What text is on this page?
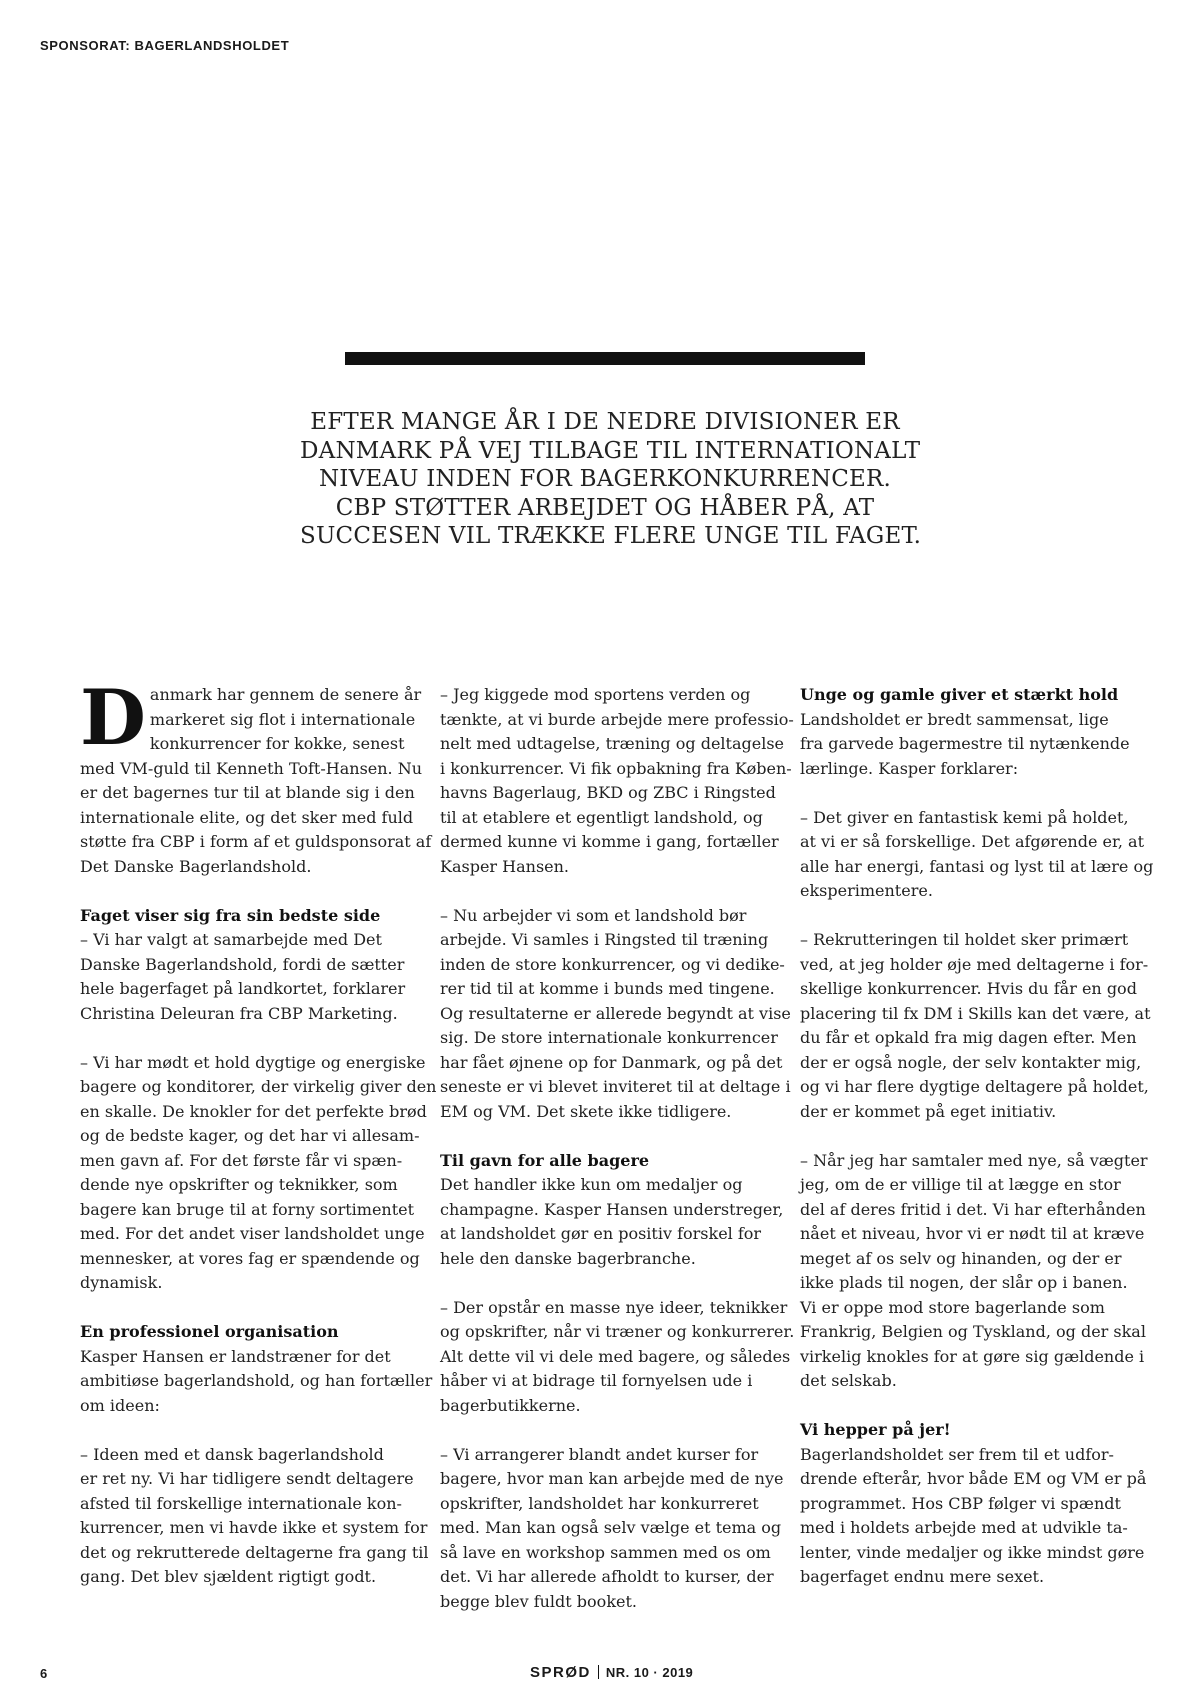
SPONSORAT: BAGERLANDSHOLDET
EFTER MANGE ÅR I DE NEDRE DIVISIONER ER
DANMARK PÅ VEJ TILBAGE TIL INTERNATIONALT
NIVEAU INDEN FOR BAGERKONKURRENCER.
CBP STØTTER ARBEJDET OG HÅBER PÅ, AT
SUCCESEN VIL TRÆKKE FLERE UNGE TIL FAGET.
D anmark har gennem de senere år
markeret sig flot i internationale
konkurrencer for kokke, senest
med VM-guld til Kenneth Toft-Hansen. Nu
er det bagernes tur til at blande sig i den
internationale elite, og det sker med fuld
støtte fra CBP i form af et guldsponsorat af
Det Danske Bagerlandshold.
Faget viser sig fra sin bedste side
– Vi har valgt at samarbejde med Det
Danske Bagerlandshold, fordi de sætter
hele bagerfaget på landkortet, forklarer
Christina Deleuran fra CBP Marketing.
– Vi har mødt et hold dygtige og energiske
bagere og konditorer, der virkelig giver den
en skalle. De knokler for det perfekte brød
og de bedste kager, og det har vi allesam-
men gavn af. For det første får vi spæn-
dende nye opskrifter og teknikker, som
bagere kan bruge til at forny sortimentet
med. For det andet viser landsholdet unge
mennesker, at vores fag er spændende og
dynamisk.
En professionel organisation
Kasper Hansen er landstræner for det
ambitiøse bagerlandshold, og han fortæller
om ideen:
– Ideen med et dansk bagerlandshold
er ret ny. Vi har tidligere sendt deltagere
afsted til forskellige internationale kon-
kurrencer, men vi havde ikke et system for
det og rekrutterede deltagerne fra gang til
gang. Det blev sjældent rigtigt godt.
– Jeg kiggede mod sportens verden og
tænkte, at vi burde arbejde mere professio-
nelt med udtagelse, træning og deltagelse
i konkurrencer. Vi fik opbakning fra Køben-
havns Bagerlaug, BKD og ZBC i Ringsted
til at etablere et egentligt landshold, og
dermed kunne vi komme i gang, fortæller
Kasper Hansen.
– Nu arbejder vi som et landshold bør
arbejde. Vi samles i Ringsted til træning
inden de store konkurrencer, og vi dedike-
rer tid til at komme i bunds med tingene.
Og resultaterne er allerede begyndt at vise
sig. De store internationale konkurrencer
har fået øjnene op for Danmark, og på det
seneste er vi blevet inviteret til at deltage i
EM og VM. Det skete ikke tidligere.
Til gavn for alle bagere
Det handler ikke kun om medaljer og
champagne. Kasper Hansen understreger,
at landsholdet gør en positiv forskel for
hele den danske bagerbranche.
– Der opstår en masse nye ideer, teknikker
og opskrifter, når vi træner og konkurrerer.
Alt dette vil vi dele med bagere, og således
håber vi at bidrage til fornyelsen ude i
bagerbutikkerne.
– Vi arrangerer blandt andet kurser for
bagere, hvor man kan arbejde med de nye
opskrifter, landsholdet har konkurreret
med. Man kan også selv vælge et tema og
så lave en workshop sammen med os om
det. Vi har allerede afholdt to kurser, der
begge blev fuldt booket.
Unge og gamle giver et stærkt hold
Landsholdet er bredt sammensat, lige
fra garvede bagermestre til nytænkende
lærlinge. Kasper forklarer:
– Det giver en fantastisk kemi på holdet,
at vi er så forskellige. Det afgørende er, at
alle har energi, fantasi og lyst til at lære og
eksperimentere.
– Rekrutteringen til holdet sker primært
ved, at jeg holder øje med deltagerne i for-
skellige konkurrencer. Hvis du får en god
placering til fx DM i Skills kan det være, at
du får et opkald fra mig dagen efter. Men
der er også nogle, der selv kontakter mig,
og vi har flere dygtige deltagere på holdet,
der er kommet på eget initiativ.
– Når jeg har samtaler med nye, så vægter
jeg, om de er villige til at lægge en stor
del af deres fritid i det. Vi har efterhånden
nået et niveau, hvor vi er nødt til at kræve
meget af os selv og hinanden, og der er
ikke plads til nogen, der slår op i banen.
Vi er oppe mod store bagerlande som
Frankrig, Belgien og Tyskland, og der skal
virkelig knokles for at gøre sig gældende i
det selskab.
Vi hepper på jer!
Bagerlandsholdet ser frem til et udfor-
drende efterår, hvor både EM og VM er på
programmet. Hos CBP følger vi spændt
med i holdets arbejde med at udvikle ta-
lenter, vinde medaljer og ikke mindst gøre
bagerfaget endnu mere sexet.
6	SPRØD NR. 10 · 2019
